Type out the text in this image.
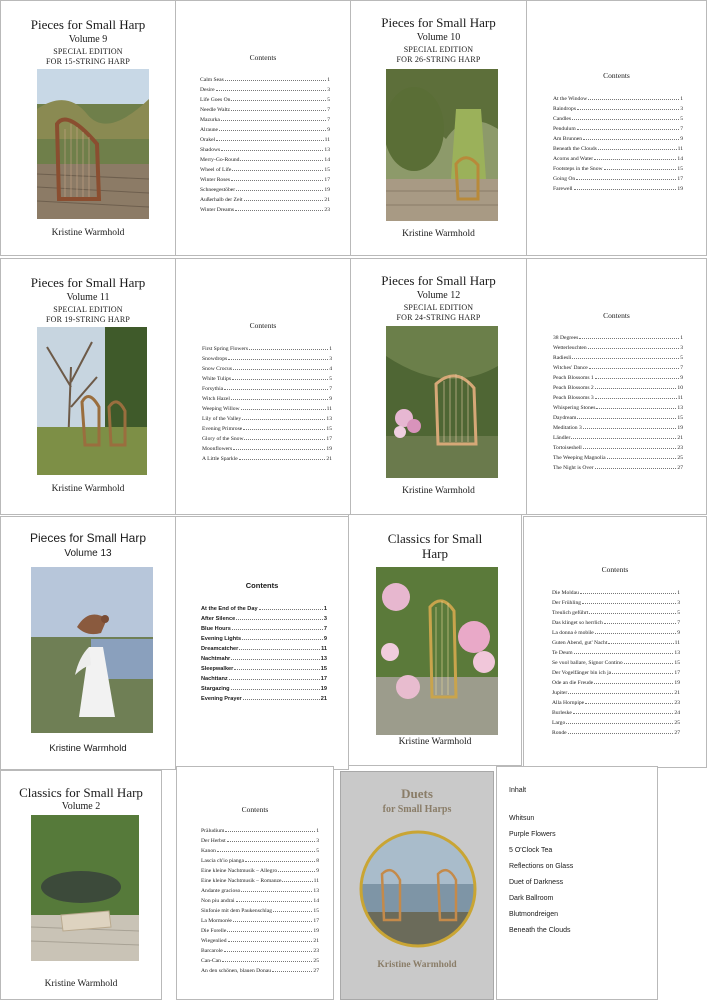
Pieces for Small Harp
Volume 9
SPECIAL EDITION
FOR 15-STRING HARP
Kristine Warmhold
Contents
Calm Seas	1
Desire	3
Life Goes On	5
Needle Waltz	7
Mazurka	7
Alraune	9
Orakel	11
Shadows	13
Merry-Go-Round	14
Wheel of Life	15
Winter Roses	17
Schneegestöber	19
Außerhalb der Zeit	21
Winter Dreams	23
Pieces for Small Harp
Volume 10
SPECIAL EDITION
FOR 26-STRING HARP
Kristine Warmhold
Contents
At the Window	1
Raindrops	3
Candles	5
Pendulum	7
Am Brunnen	9
Beneath the Clouds	11
Acorns and Water	14
Footsteps in the Snow	15
Going On	17
Farewell	19
Pieces for Small Harp
Volume 11
SPECIAL EDITION
FOR 19-STRING HARP
Kristine Warmhold
Contents
First Spring Flowers	1
Snowdrops	3
Snow Crocus	4
White Tulips	5
Forsythia	7
Witch Hazel	9
Weeping Willow	11
Lily of the Valley	13
Evening Primrose	15
Glory of the Snow	17
Moonflowers	19
A Little Sparkle	21
Pieces for Small Harp
Volume 12
SPECIAL EDITION
FOR 24-STRING HARP
Kristine Warmhold
Contents
38 Degrees	1
Wetterleuchten	3
Radiesli	5
Witches' Dance	7
Peach Blossoms 1	9
Peach Blossoms 2	10
Peach Blossoms 3	11
Whispering Stones	13
Daydream	15
Meditation 3	19
Ländler	21
Tortoiseshell	23
The Weeping Magnolia	25
The Night is Over	27
Pieces for Small Harp
Volume 13
Kristine Warmhold
Contents
At the End of the Day	1
After Silence	3
Blue Hours	7
Evening Lights	9
Dreamcatcher	11
Nachtmahr	13
Sleepwalker	15
Nachttanz	17
Stargazing	19
Evening Prayer	21
Classics for Small Harp
Kristine Warmhold
Contents
Die Moldau	1
Der Frühling	3
Treulich geführt	5
Das klinget so herrlich	7
La donna è mobile	9
Guten Abend, gut' Nacht	11
Te Deum	13
Se vuol ballare, Signor Contino	15
Der Vogelfänger bin ich ja	17
Ode an die Freude	19
Jupiter	21
Alla Hornpipe	23
Burleske	24
Largo	25
Ronde	27
Classics for Small Harp
Volume 2
Kristine Warmhold
Contents
Präludium	1
Der Herbst	3
Kanon	5
Lascia ch'io pianga	8
Eine kleine Nachtmusik – Allegro	9
Eine kleine Nachtmusik – Romanze	11
Andante gracioso	13
Non piu andrai	14
Sinfonie mit dem Paukenschlag	15
La Mormorée	17
Die Forelle	19
Wiegenlied	21
Barcarole	23
Can-Can	25
An den schönen, blauen Donau	27
Duets
for Small Harps
Kristine Warmhold
Inhalt
Whitsun
Purple Flowers
5 O'Clock Tea
Reflections on Glass
Duet of Darkness
Dark Ballroom
Blutmondreigen
Beneath the Clouds
